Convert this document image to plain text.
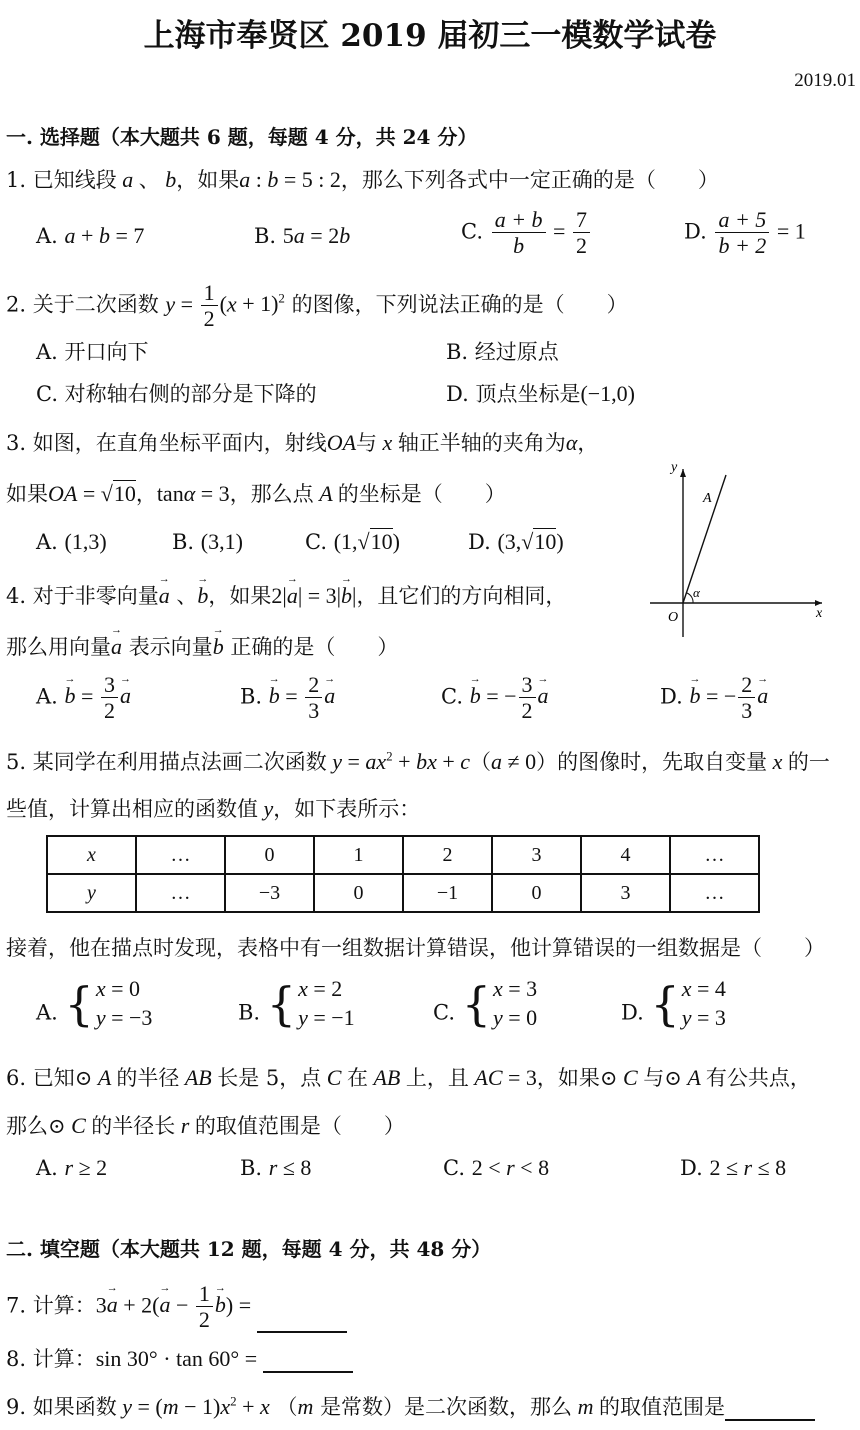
上海市奉贤区 2019 届初三一模数学试卷
2019.01
一. 选择题（本大题共 6 题，每题 4 分，共 24 分）
1. 已知线段 a 、 b，如果a : b = 5 : 2，那么下列各式中一定正确的是（　　）
A. a + b = 7	B. 5a = 2b	C. $\frac{a + b}{b} = \frac{7}{2}$	D. $\frac{a + 5}{b + 2} = 1$
2. 关于二次函数 $y = \frac{1}{2} (x + 1)^2$ 的图像，下列说法正确的是（　　）
A. 开口向下	B. 经过原点
C. 对称轴右侧的部分是下降的	D. 顶点坐标是(−1,0)
3. 如图，在直角坐标平面内，射线OA与 x 轴正半轴的夹角为α，
如果OA = √10，tanα = 3，那么点 A 的坐标是（　　）
A. (1,3)	B. (3,1)	C. (1,√10)	D. (3,√10)
y
x
O
A
α
4. 对于非零向量→ a 、→ b，如果2|→ a| = 3|→ b|，且它们的方向相同，
那么用向量→ a 表示向量→ b 正确的是（　　）
A. → $b = \frac{3}{2} \to a$	B. → $b = \frac{2}{3} \to a$	C. → b = − $\frac{3}{2} \to a$	D. → b = − $\frac{2}{3} \to a$
5. 某同学在利用描点法画二次函数 $y = ax^2$ + bx + c（a ≠ 0）的图像时，先取自变量 x 的一
些值，计算出相应的函数值 y，如下表所示：
x	…	0	1	2	3	4	…
y	…	−3	0	−1	0	3	…
接着，他在描点时发现，表格中有一组数据计算错误，他计算错误的一组数据是（　　）
A. { x = 0
y = −3	B. { x = 2
y = −1	C. { x = 3
y = 0	D. { x = 4
y = 3
6. 已知⊙ A 的半径 AB 长是 5，点 C 在 AB 上，且 AC = 3，如果⊙ C 与⊙ A 有公共点，
那么⊙ C 的半径长 r 的取值范围是（　　）
A. r ≥ 2	B. r ≤ 8	C. 2 < r < 8	D. 2 ≤ r ≤ 8
二. 填空题（本大题共 12 题，每题 4 分，共 48 分）
7. 计算：$3\to a + 2(\to a - \frac{1}{2} \to b)$ =
8. 计算：sin 30° · tan 60° =
9. 如果函数 $y = (m - 1)x^2 + x$ （m 是常数）是二次函数，那么 m 的取值范围是
